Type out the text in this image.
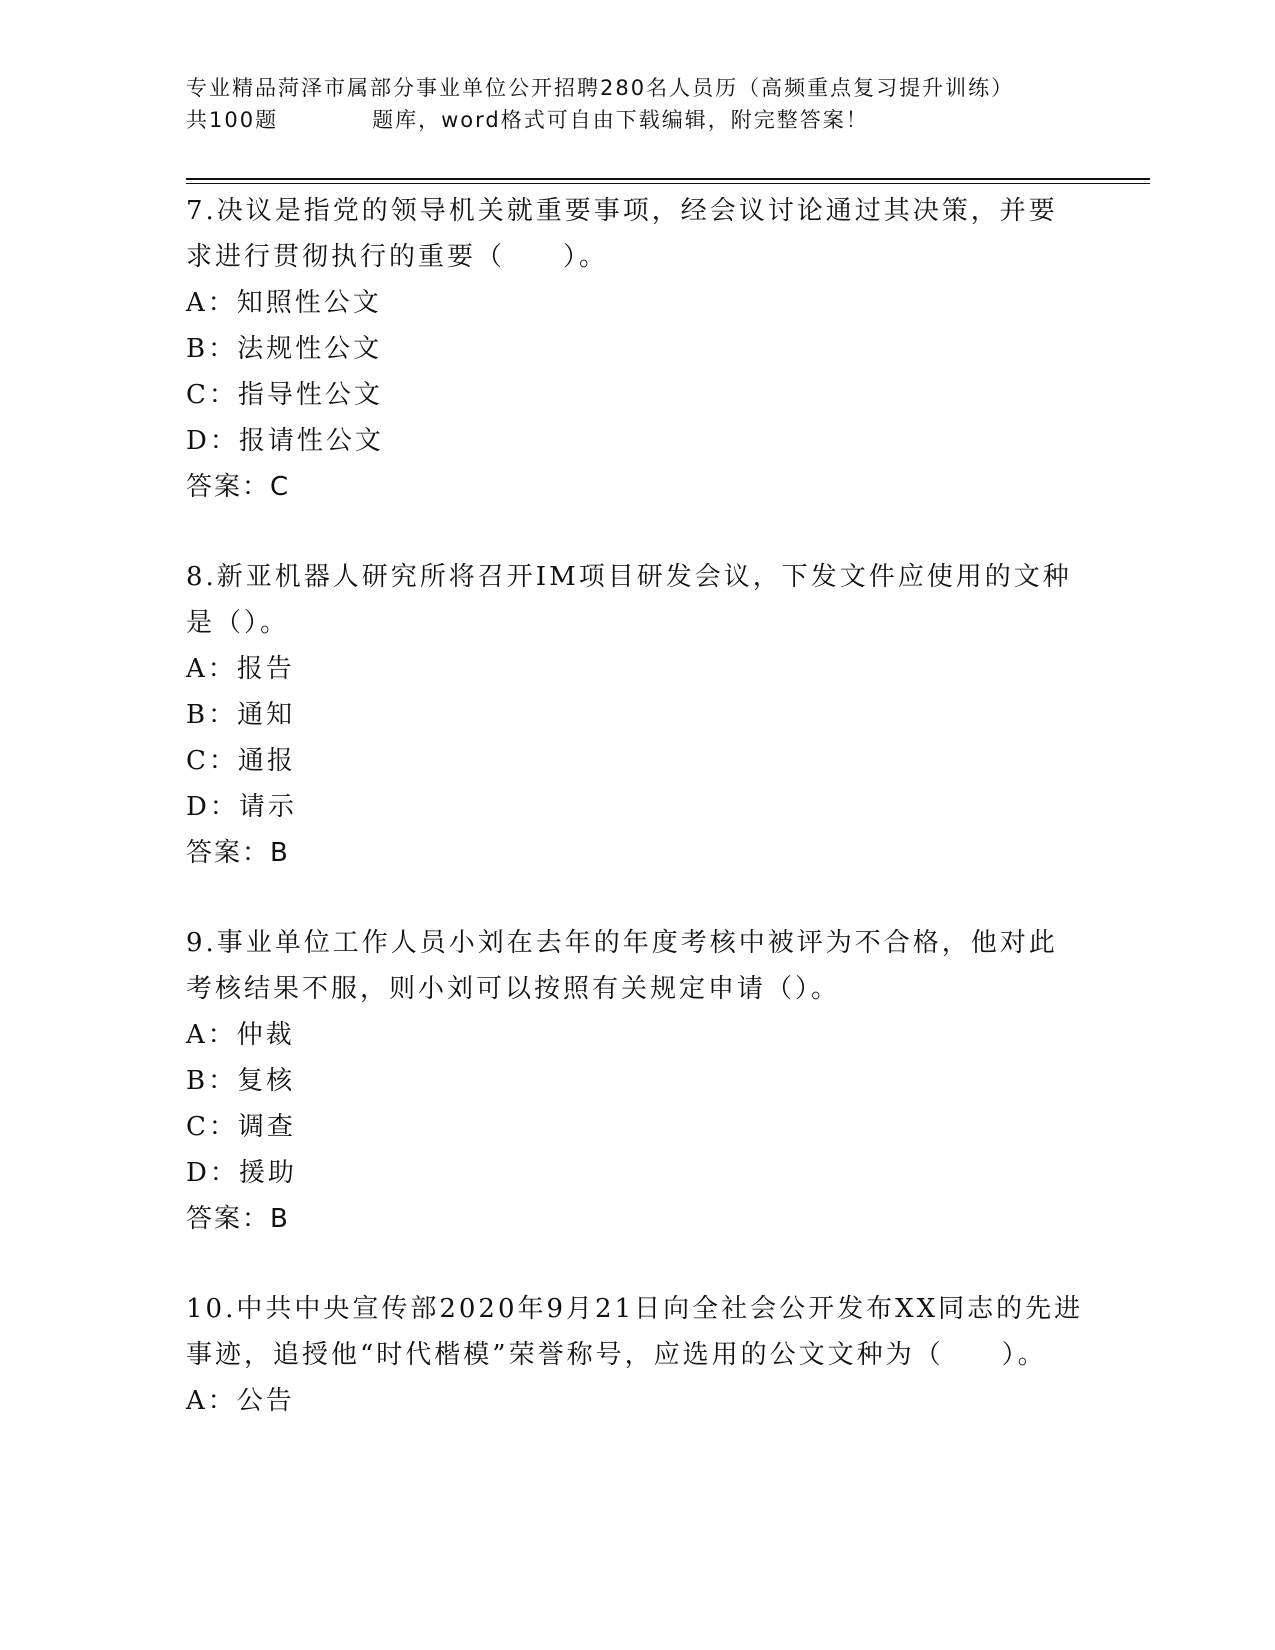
专业精品菏泽市属部分事业单位公开招聘280名人员历（高频重点复习提升训练）
共100题	题库，word格式可自由下载编辑，附完整答案！

7.决议是指党的领导机关就重要事项，经会议讨论通过其决策，并要求进行贯彻执行的重要（　　）。

A：知照性公文

B：法规性公文

C：指导性公文

D：报请性公文

答案：C

8.新亚机器人研究所将召开IM项目研发会议，下发文件应使用的文种是（）。

A：报告

B：通知

C：通报

D：请示

答案：B

9.事业单位工作人员小刘在去年的年度考核中被评为不合格，他对此考核结果不服，则小刘可以按照有关规定申请（）。

A：仲裁

B：复核

C：调查

D：援助

答案：B

10.中共中央宣传部2020年9月21日向全社会公开发布XX同志的先进事迹，追授他“时代楷模”荣誉称号，应选用的公文文种为（　　）。

A：公告
